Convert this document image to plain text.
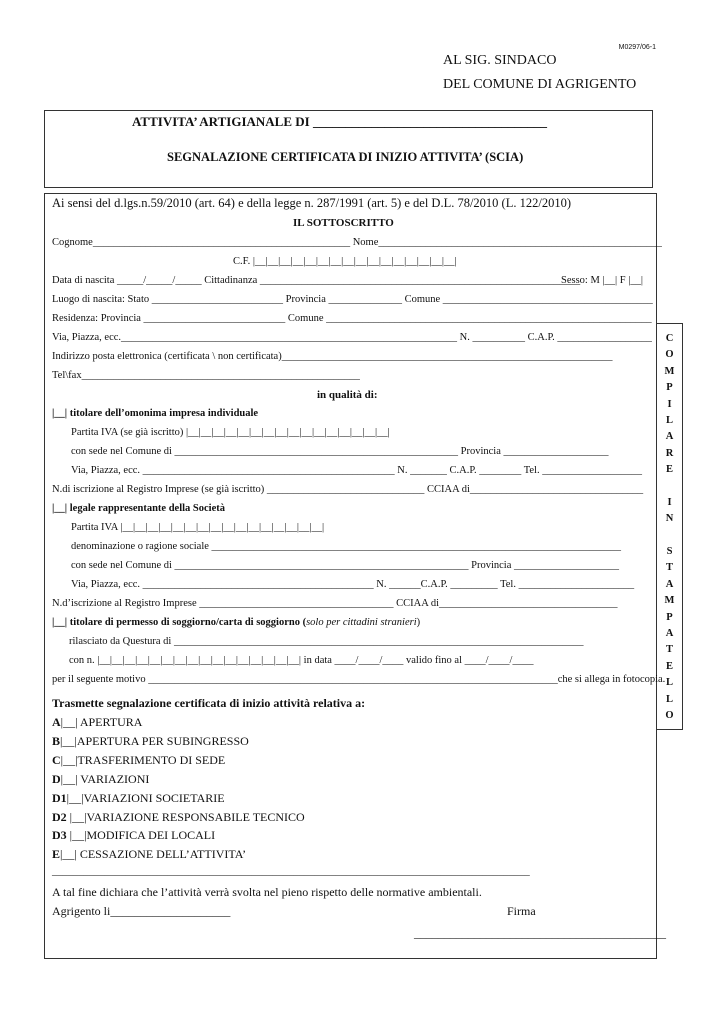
M0297/06-1
AL SIG. SINDACO
DEL COMUNE DI AGRIGENTO
ATTIVITA’ ARTIGIANALE DI ____________________________________
SEGNALAZIONE CERTIFICATA DI INIZIO ATTIVITA’ (SCIA)
C
O
M
P
I
L
A
R
E

I
N

S
T
A
M
P
A
T
E
L
L
O
Ai sensi del d.lgs.n.59/2010 (art. 64) e della legge n. 287/1991 (art. 5) e del D.L. 78/2010 (L. 122/2010)
IL SOTTOSCRITTO
Cognome_________________________________________________ Nome______________________________________________________
C.F. |__|__|__|__|__|__|__|__|__|__|__|__|__|__|__|__|
Data di nascita _____/_____/_____ Cittadinanza _____________________________________________________________
Sesso: M |__| F |__|
Luogo di nascita: Stato _________________________ Provincia ______________ Comune ________________________________________
Residenza: Provincia ___________________________ Comune ______________________________________________________________
Via, Piazza, ecc.________________________________________________________________ N. __________ C.A.P. __________________
Indirizzo posta elettronica (certificata \ non certificata)_______________________________________________________________
Tel\fax_____________________________________________________
in qualità di:
|__| titolare dell’omonima impresa individuale
Partita IVA (se già iscritto) |__|__|__|__|__|__|__|__|__|__|__|__|__|__|__|__|
con sede nel Comune di ______________________________________________________ Provincia ____________________
Via, Piazza, ecc. ________________________________________________ N. _______ C.A.P. ________ Tel. ___________________
N.di iscrizione al Registro Imprese (se già iscritto) ______________________________ CCIAA di_________________________________
|__| legale rappresentante della Società
Partita IVA |__|__|__|__|__|__|__|__|__|__|__|__|__|__|__|__|
denominazione o ragione sociale ______________________________________________________________________________
con sede nel Comune di ________________________________________________________ Provincia ____________________
Via, Piazza, ecc. ____________________________________________ N. ______C.A.P. _________ Tel. ______________________
N.d’iscrizione al Registro Imprese _____________________________________ CCIAA di__________________________________
|__| titolare di permesso di soggiorno/carta di soggiorno (solo per cittadini stranieri)
rilasciato da Questura di ______________________________________________________________________________
con n. |__|__|__|__|__|__|__|__|__|__|__|__|__|__|__|__| in data ____/____/____ valido fino al ____/____/____
per il seguente motivo ______________________________________________________________________________che si allega in fotocopia.
Trasmette segnalazione certificata di inizio attività relativa a:
A|__| APERTURA
B|__|APERTURA PER SUBINGRESSO
C|__|TRASFERIMENTO DI SEDE
D|__| VARIAZIONI
D1|__|VARIAZIONI SOCIETARIE
D2 |__|VARIAZIONE RESPONSABILE TECNICO
D3 |__|MODIFICA DEI LOCALI
E|__| CESSAZIONE DELL’ATTIVITA’
___________________________________________________________________________________________
A tal fine dichiara che l’attività verrà svolta nel pieno rispetto delle normative ambientali.
Agrigento li____________________	Firma
__________________________________________
